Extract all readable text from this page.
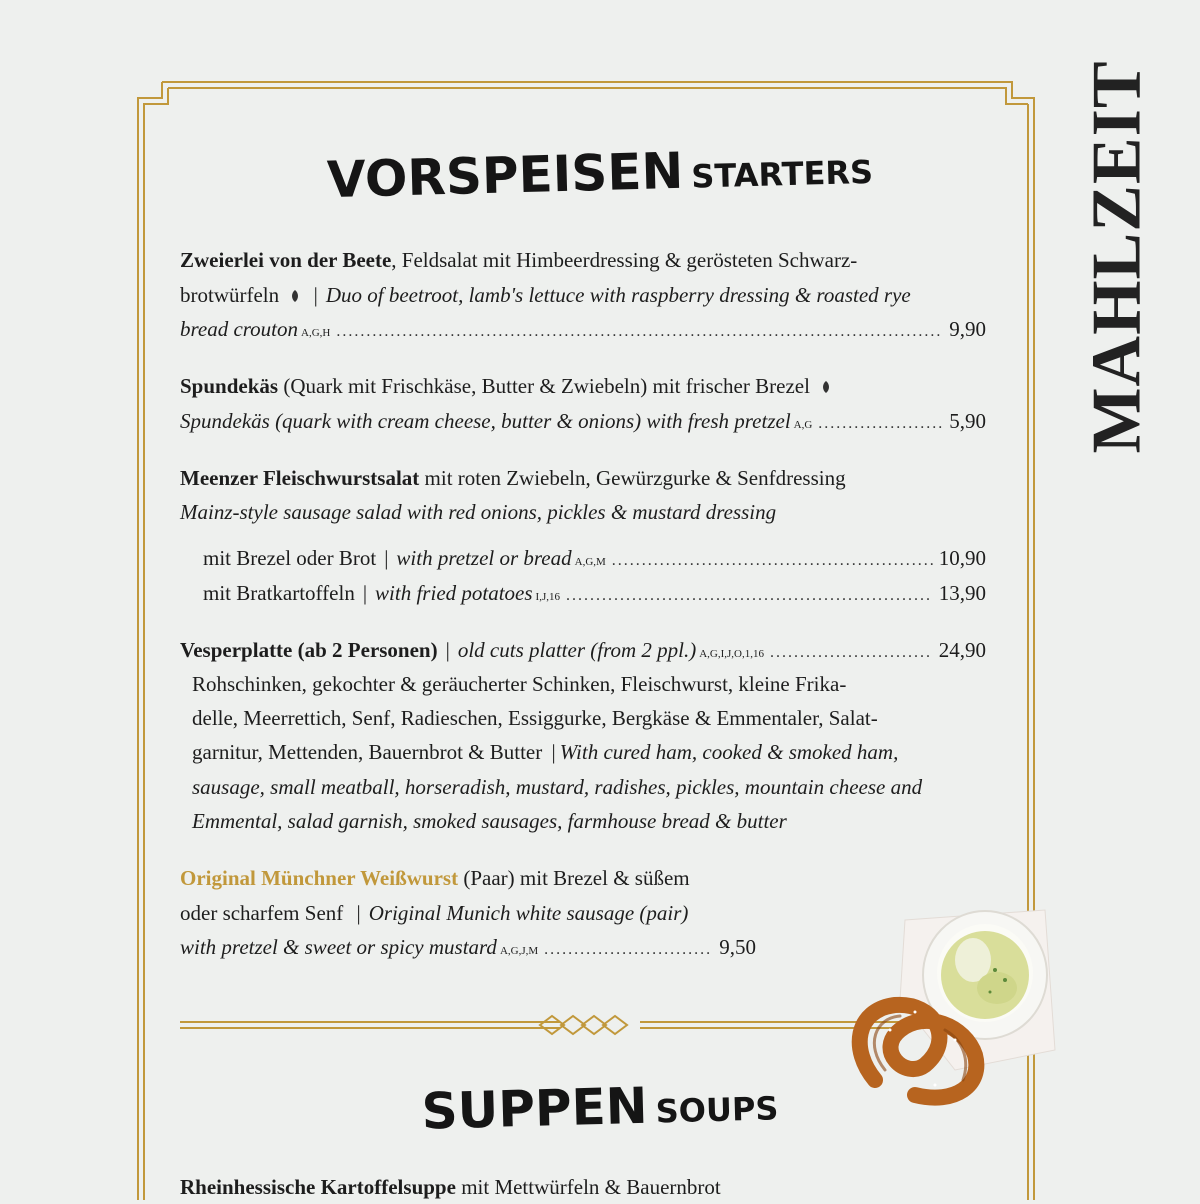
MAHLZEIT
VORSPEISEN STARTERS
Zweierlei von der Beete, Feldsalat mit Himbeerdressing & gerösteten Schwarz-
brotwürfeln | Duo of beetroot, lamb's lettuce with raspberry dressing & roasted rye
bread crouton A,G,H .....	9,90
Spundekäs (Quark mit Frischkäse, Butter & Zwiebeln) mit frischer Brezel
Spundekäs (quark with cream cheese, butter & onions) with fresh pretzel A,G .....	5,90
Meenzer Fleischwurstsalat mit roten Zwiebeln, Gewürzgurke & Senfdressing
Mainz-style sausage salad with red onions, pickles & mustard dressing
mit Brezel oder Brot | with pretzel or bread A,G,M .....	10,90
mit Bratkartoffeln | with fried potatoes I,J,16 .....	13,90
Vesperplatte (ab 2 Personen) | old cuts platter (from 2 ppl.) A,G,I,J,O,1,16 .....	24,90
Rohschinken, gekochter & geräucherter Schinken, Fleischwurst, kleine Frika-
delle, Meerrettich, Senf, Radieschen, Essiggurke, Bergkäse & Emmentaler, Salat-
garnitur, Mettenden, Bauernbrot & Butter | With cured ham, cooked & smoked ham,
sausage, small meatball, horseradish, mustard, radishes, pickles, mountain cheese and
Emmental, salad garnish, smoked sausages, farmhouse bread & butter
Original Münchner Weißwurst (Paar) mit Brezel & süßem
oder scharfem Senf | Original Munich white sausage (pair)
with pretzel & sweet or spicy mustard A,G,J,M .....	9,50
SUPPEN SOUPS
Rheinhessische Kartoffelsuppe mit Mettwürfeln & Bauernbrot
